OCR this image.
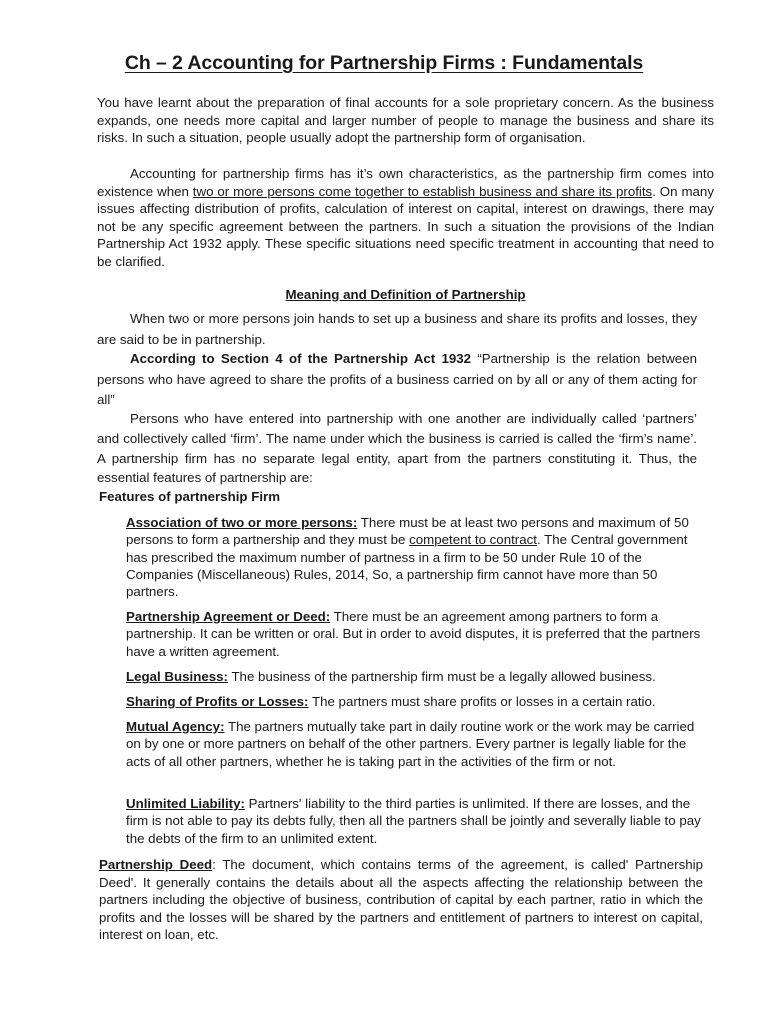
Ch – 2 Accounting for Partnership Firms : Fundamentals

You have learnt about the preparation of final accounts for a sole proprietary concern. As the business expands, one needs more capital and larger number of people to manage the business and share its risks. In such a situation, people usually adopt the partnership form of organisation.

Accounting for partnership firms has it’s own characteristics, as the partnership firm comes into existence when two or more persons come together to establish business and share its profits. On many issues affecting distribution of profits, calculation of interest on capital, interest on drawings, there may not be any specific agreement between the partners. In such a situation the provisions of the Indian Partnership Act 1932 apply. These specific situations need specific treatment in accounting that need to be clarified.

Meaning and Definition of Partnership

When two or more persons join hands to set up a business and share its profits and losses, they are said to be in partnership.

According to Section 4 of the Partnership Act 1932 “Partnership is the relation between persons who have agreed to share the profits of a business carried on by all or any of them acting for all”

Persons who have entered into partnership with one another are individually called ‘partners’ and collectively called ‘firm’. The name under which the business is carried is called the ‘firm’s name’. A partnership firm has no separate legal entity, apart from the partners constituting it. Thus, the essential features of partnership are:

Features of partnership Firm

Association of two or more persons: There must be at least two persons and maximum of 50 persons to form a partnership and they must be competent to contract. The Central government has prescribed the maximum number of partness in a firm to be 50 under Rule 10 of the Companies (Miscellaneous) Rules, 2014, So, a partnership firm cannot have more than 50 partners.

Partnership Agreement or Deed: There must be an agreement among partners to form a partnership. It can be written or oral. But in order to avoid disputes, it is preferred that the partners have a written agreement.

Legal Business: The business of the partnership firm must be a legally allowed business.

Sharing of Profits or Losses: The partners must share profits or losses in a certain ratio.

Mutual Agency: The partners mutually take part in daily routine work or the work may be carried on by one or more partners on behalf of the other partners. Every partner is legally liable for the acts of all other partners, whether he is taking part in the activities of the firm or not.

Unlimited Liability: Partners' liability to the third parties is unlimited. If there are losses, and the firm is not able to pay its debts fully, then all the partners shall be jointly and severally liable to pay the debts of the firm to an unlimited extent.

Partnership Deed: The document, which contains terms of the agreement, is called' Partnership Deed'. It generally contains the details about all the aspects affecting the relationship between the partners including the objective of business, contribution of capital by each partner, ratio in which the profits and the losses will be shared by the partners and entitlement of partners to interest on capital, interest on loan, etc.
